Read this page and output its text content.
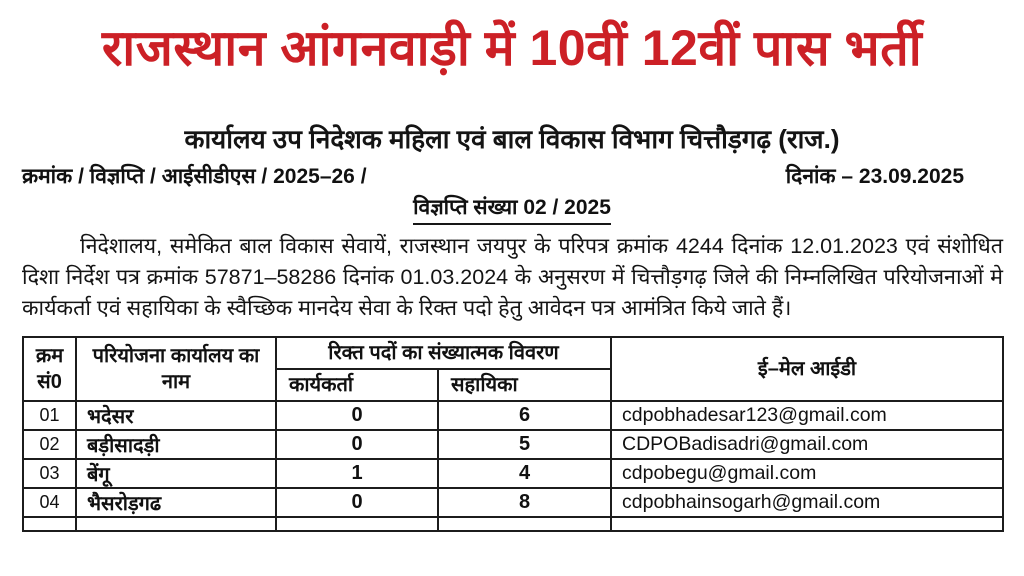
राजस्थान आंगनवाड़ी में 10वीं 12वीं पास भर्ती
कार्यालय उप निदेशक महिला एवं बाल विकास विभाग चित्तौड़गढ़ (राज.)
क्रमांक / विज्ञप्ति / आईसीडीएस / 2025–26 /	दिनांक – 23.09.2025
विज्ञप्ति संख्या 02 / 2025
निदेशालय, समेकित बाल विकास सेवायें, राजस्थान जयपुर के परिपत्र क्रमांक 4244 दिनांक 12.01.2023 एवं संशोधित दिशा निर्देश पत्र क्रमांक 57871–58286 दिनांक 01.03.2024 के अनुसरण में चित्तौड़गढ़ जिले की निम्नलिखित परियोजनाओं मे कार्यकर्ता एवं सहायिका के स्वैच्छिक मानदेय सेवा के रिक्त पदो हेतु आवेदन पत्र आमंत्रित किये जाते हैं।
क्रम सं0	परियोजना कार्यालय का नाम	रिक्त पदों का संख्यात्मक विवरण		ई–मेल आईडी
		कार्यकर्ता	सहायिका	
01	भदेसर	0	6	cdpobhadesar123@gmail.com
02	बड़ीसादड़ी	0	5	CDPOBadisadri@gmail.com
03	बेंगू	1	4	cdpobegu@gmail.com
04	भैसरोड़गढ	0	8	cdpobhainsogarh@gmail.com
